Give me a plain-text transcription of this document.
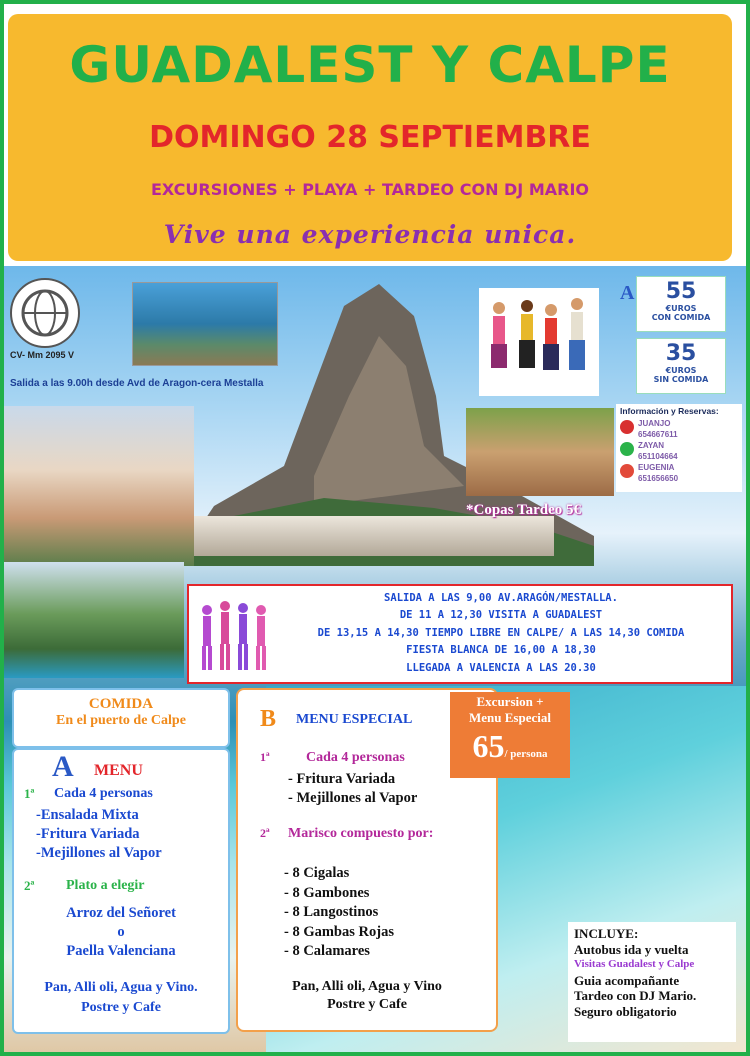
GUADALEST Y CALPE
DOMINGO 28 SEPTIEMBRE
EXCURSIONES + PLAYA + TARDEO CON DJ MARIO
Vive una experiencia unica.
CV- Mm 2095 V
Salida a las 9.00h desde Avd de Aragon-cera Mestalla
*Copas Tardeo 5€
A	55
€UROS
CON COMIDA
35
€UROS
SIN COMIDA
Información y Reservas:
JUANJO
654667611
ZAYAN
651104664
EUGENIA
651656650
SALIDA A LAS 9,00 AV.ARAGÓN/MESTALLA.
DE 11 A 12,30 VISITA A GUADALEST
DE 13,15 A 14,30 TIEMPO LIBRE EN CALPE/ A LAS 14,30 COMIDA
FIESTA BLANCA DE 16,00 A 18,30
LLEGADA A VALENCIA A LAS 20.30
COMIDA
En el puerto de Calpe
A MENU
1ª Cada 4 personas
-Ensalada Mixta
-Fritura Variada
-Mejillones al Vapor
2ª Plato a elegir
Arroz del Señoret
o
Paella Valenciana
Pan, Alli oli, Agua y Vino.
Postre y Cafe
B MENU ESPECIAL
1ª	Cada 4 personas
- Fritura Variada
- Mejillones al Vapor
2ª Marisco compuesto por:
- 8 Cigalas
- 8 Gambones
- 8 Langostinos
- 8 Gambas Rojas
- 8 Calamares
Pan, Alli oli, Agua y Vino
Postre y Cafe
Excursion +
Menu Especial
65/ persona
INCLUYE:
Autobus ida y vuelta
Visitas Guadalest y Calpe
Guia acompañante
Tardeo con DJ Mario.
Seguro obligatorio
